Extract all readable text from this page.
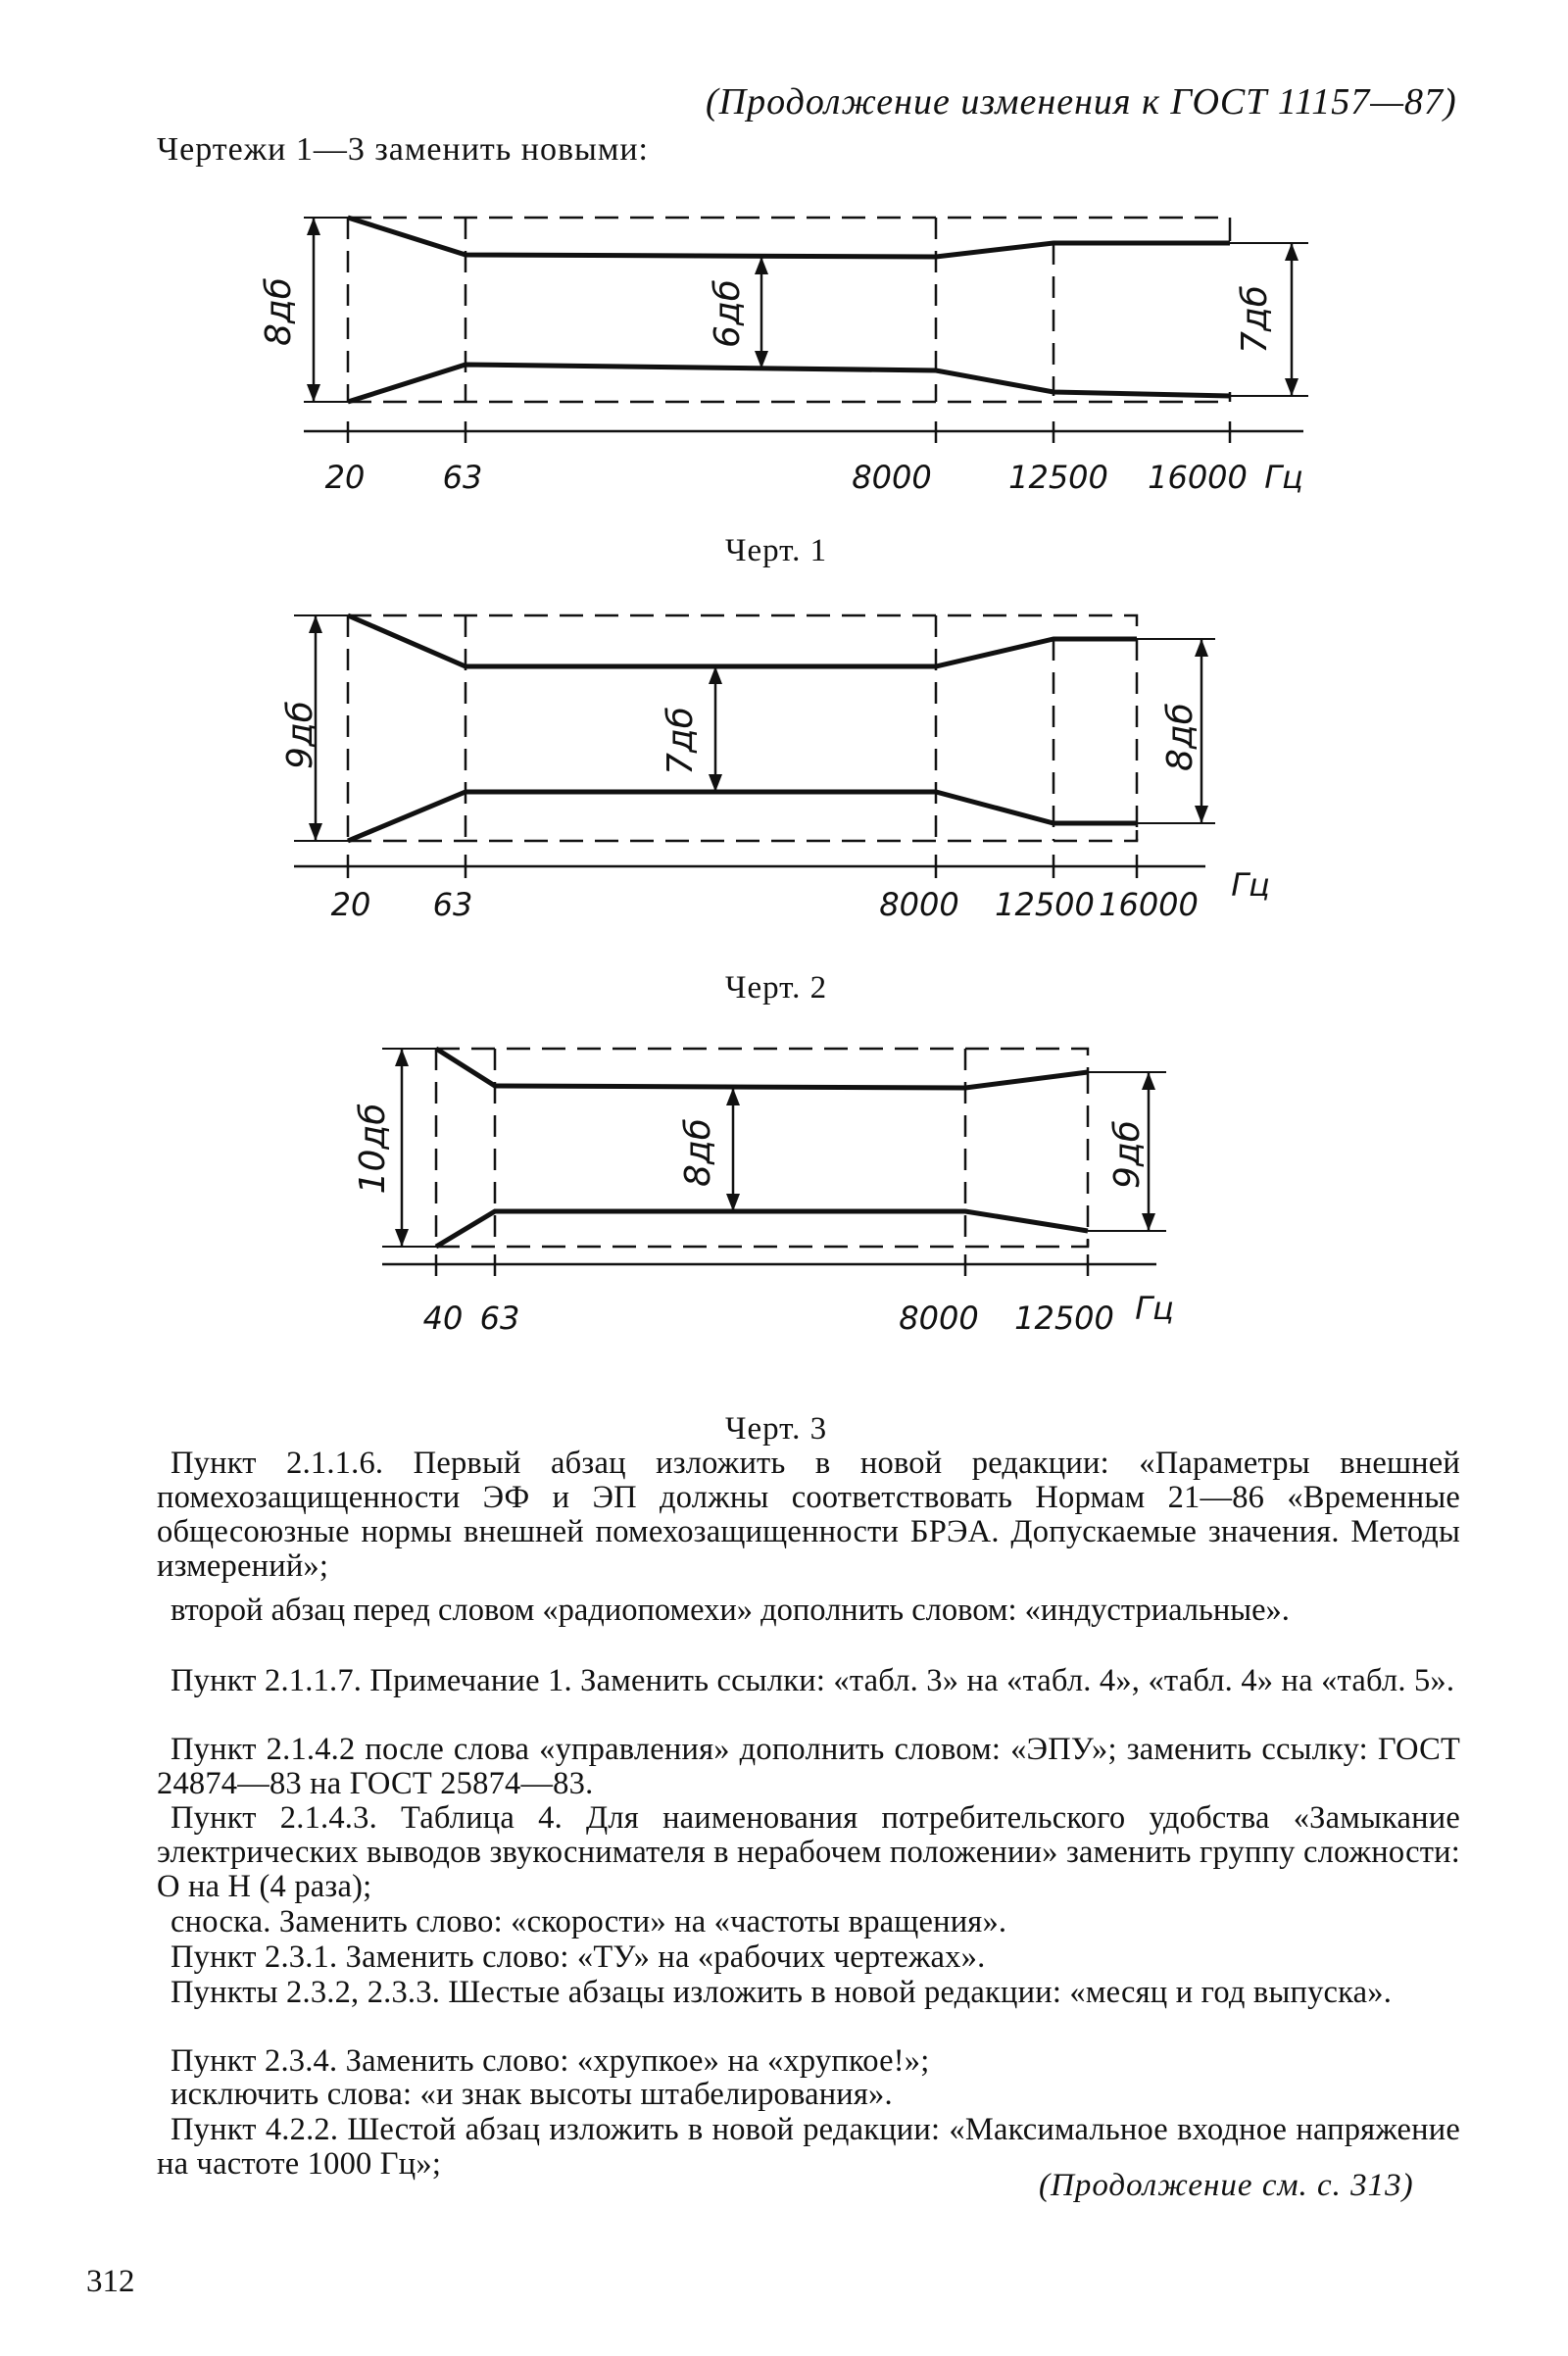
(Продолжение изменения к ГОСТ 11157—87)
Чертежи 1—3 заменить новыми:
8дб	6дб	7дб
20 63	8000 12500 16000 Гц
Черт. 1
9дб	7дб	8дб
20 63	8000 12500 16000
Гц
Черт. 2
10дб	8дб	9дб
40 63	8000 12500 Гц
Черт. 3
Пункт 2.1.1.6. Первый абзац изложить в новой редакции: «Параметры внешней помехозащищенности ЭФ и ЭП должны соответствовать Нормам 21—86 «Временные общесоюзные нормы внешней помехозащищенности БРЭА. Допускаемые значения. Методы измерений»;
второй абзац перед словом «радиопомехи» дополнить словом: «индустриальные».
Пункт 2.1.1.7. Примечание 1. Заменить ссылки: «табл. 3» на «табл. 4», «табл. 4» на «табл. 5».
Пункт 2.1.4.2 после слова «управления» дополнить словом: «ЭПУ»; заменить ссылку: ГОСТ 24874—83 на ГОСТ 25874—83.
Пункт 2.1.4.3. Таблица 4. Для наименования потребительского удобства «Замыкание электрических выводов звукоснимателя в нерабочем положении» заменить группу сложности: О на Н (4 раза);
сноска. Заменить слово: «скорости» на «частоты вращения».
Пункт 2.3.1. Заменить слово: «ТУ» на «рабочих чертежах».
Пункты 2.3.2, 2.3.3. Шестые абзацы изложить в новой редакции: «месяц и год выпуска».
Пункт 2.3.4. Заменить слово: «хрупкое» на «хрупкое!»;
исключить слова: «и знак высоты штабелирования».
Пункт 4.2.2. Шестой абзац изложить в новой редакции: «Максимальное входное напряжение на частоте 1000 Гц»;
(Продолжение см. с. 313)
312
